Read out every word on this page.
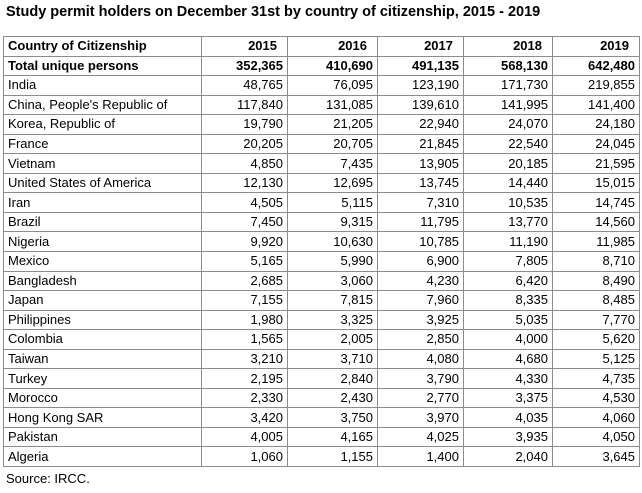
Study permit holders on December 31st by country of citizenship, 2015 - 2019
Country of Citizenship	2015	2016	2017	2018	2019
Total unique persons	352,365	410,690	491,135	568,130	642,480
India	48,765	76,095	123,190	171,730	219,855
China, People's Republic of	117,840	131,085	139,610	141,995	141,400
Korea, Republic of	19,790	21,205	22,940	24,070	24,180
France	20,205	20,705	21,845	22,540	24,045
Vietnam	4,850	7,435	13,905	20,185	21,595
United States of America	12,130	12,695	13,745	14,440	15,015
Iran	4,505	5,115	7,310	10,535	14,745
Brazil	7,450	9,315	11,795	13,770	14,560
Nigeria	9,920	10,630	10,785	11,190	11,985
Mexico	5,165	5,990	6,900	7,805	8,710
Bangladesh	2,685	3,060	4,230	6,420	8,490
Japan	7,155	7,815	7,960	8,335	8,485
Philippines	1,980	3,325	3,925	5,035	7,770
Colombia	1,565	2,005	2,850	4,000	5,620
Taiwan	3,210	3,710	4,080	4,680	5,125
Turkey	2,195	2,840	3,790	4,330	4,735
Morocco	2,330	2,430	2,770	3,375	4,530
Hong Kong SAR	3,420	3,750	3,970	4,035	4,060
Pakistan	4,005	4,165	4,025	3,935	4,050
Algeria	1,060	1,155	1,400	2,040	3,645
Source: IRCC.
